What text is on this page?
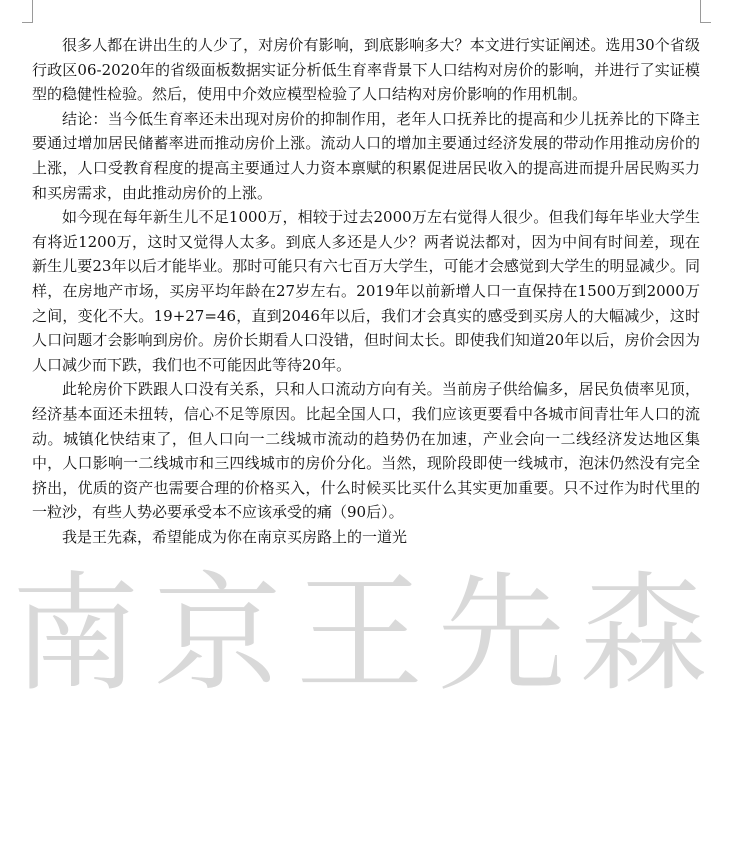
南京王先森

很多人都在讲出生的人少了，对房价有影响，到底影响多大？本文进行实证阐述。选用30个省级行政区06-2020年的省级面板数据实证分析低生育率背景下人口结构对房价的影响，并进行了实证模型的稳健性检验。然后，使用中介效应模型检验了人口结构对房价影响的作用机制。

结论：当今低生育率还未出现对房价的抑制作用，老年人口抚养比的提高和少儿抚养比的下降主要通过增加居民储蓄率进而推动房价上涨。流动人口的增加主要通过经济发展的带动作用推动房价的上涨，人口受教育程度的提高主要通过人力资本禀赋的积累促进居民收入的提高进而提升居民购买力和买房需求，由此推动房价的上涨。

如今现在每年新生儿不足1000万，相较于过去2000万左右觉得人很少。但我们每年毕业大学生有将近1200万，这时又觉得人太多。到底人多还是人少？两者说法都对，因为中间有时间差，现在新生儿要23年以后才能毕业。那时可能只有六七百万大学生，可能才会感觉到大学生的明显减少。同样，在房地产市场，买房平均年龄在27岁左右。2019年以前新增人口一直保持在1500万到2000万之间，变化不大。19+27=46，直到2046年以后，我们才会真实的感受到买房人的大幅减少，这时人口问题才会影响到房价。房价长期看人口没错，但时间太长。即使我们知道20年以后，房价会因为人口减少而下跌，我们也不可能因此等待20年。

此轮房价下跌跟人口没有关系，只和人口流动方向有关。当前房子供给偏多，居民负债率见顶，经济基本面还未扭转，信心不足等原因。比起全国人口，我们应该更要看中各城市间青壮年人口的流动。城镇化快结束了，但人口向一二线城市流动的趋势仍在加速，产业会向一二线经济发达地区集中，人口影响一二线城市和三四线城市的房价分化。当然，现阶段即使一线城市，泡沫仍然没有完全挤出，优质的资产也需要合理的价格买入，什么时候买比买什么其实更加重要。只不过作为时代里的一粒沙，有些人势必要承受本不应该承受的痛（90后）。

我是王先森，希望能成为你在南京买房路上的一道光
